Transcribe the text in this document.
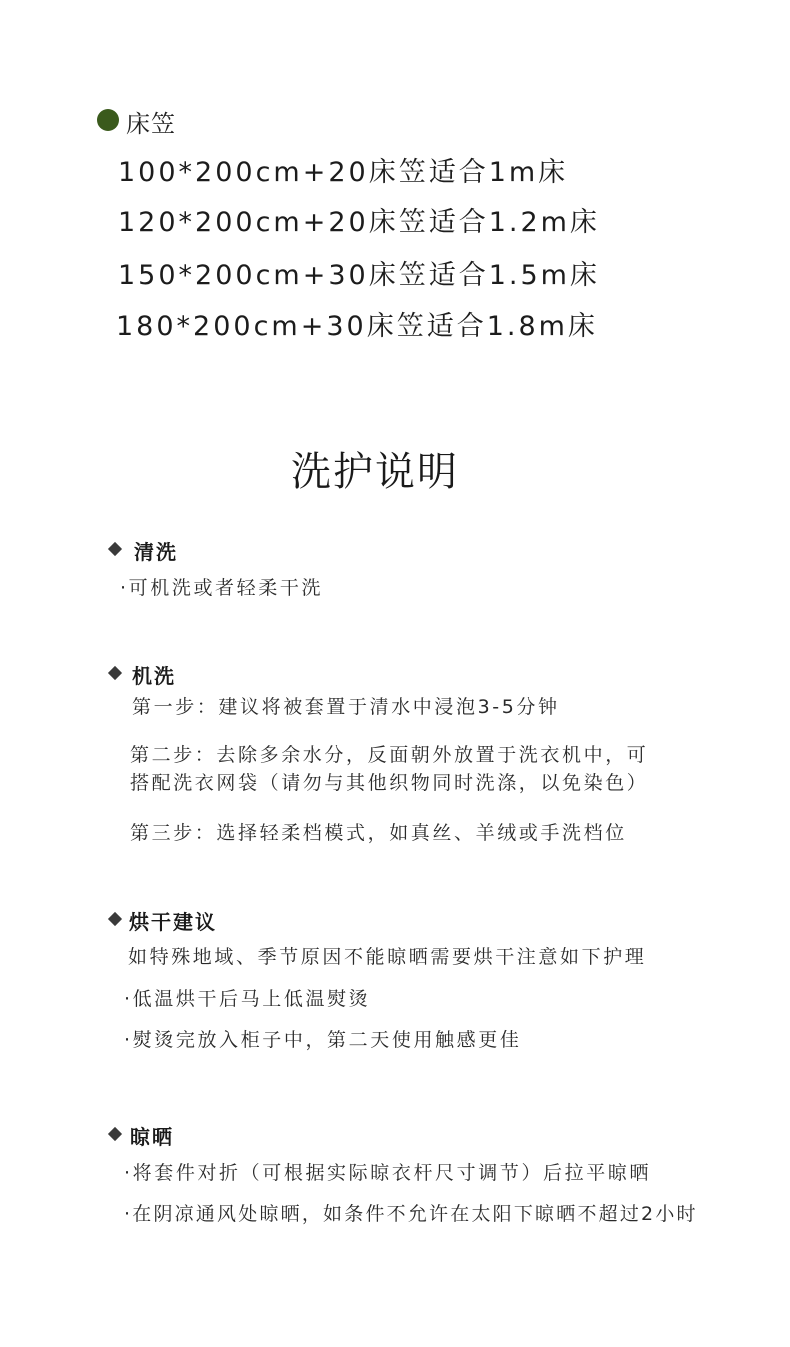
床笠
100*200cm+20床笠适合1m床
120*200cm+20床笠适合1.2m床
150*200cm+30床笠适合1.5m床
180*200cm+30床笠适合1.8m床
洗护说明
清洗
·可机洗或者轻柔干洗
机洗
第一步：建议将被套置于清水中浸泡3-5分钟
第二步：去除多余水分，反面朝外放置于洗衣机中，可
搭配洗衣网袋（请勿与其他织物同时洗涤，以免染色）
第三步：选择轻柔档模式，如真丝、羊绒或手洗档位
烘干建议
如特殊地域、季节原因不能晾晒需要烘干注意如下护理
·低温烘干后马上低温熨烫
·熨烫完放入柜子中，第二天使用触感更佳
晾晒
·将套件对折（可根据实际晾衣杆尺寸调节）后拉平晾晒
·在阴凉通风处晾晒，如条件不允许在太阳下晾晒不超过2小时
